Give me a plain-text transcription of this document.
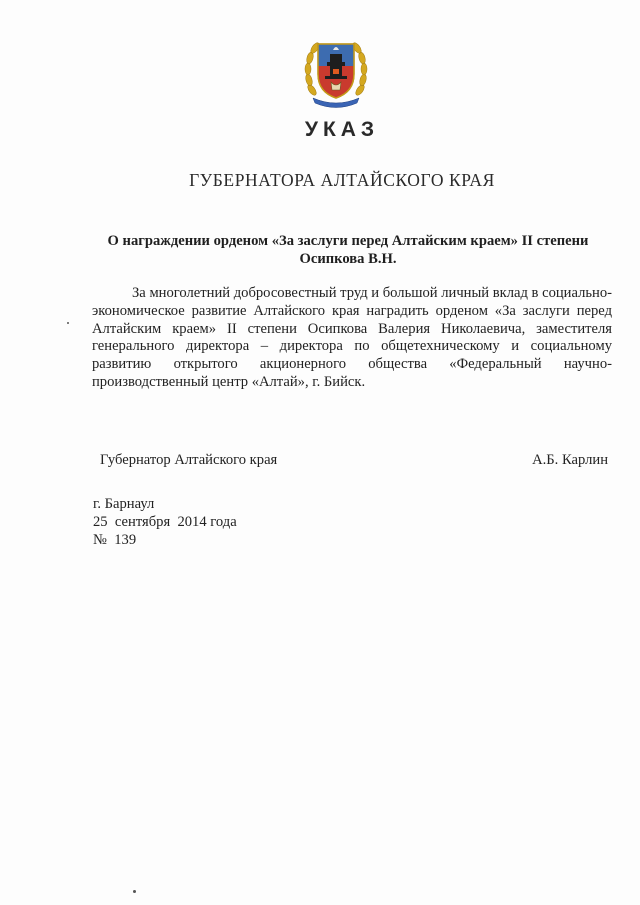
УКАЗ
ГУБЕРНАТОРА АЛТАЙСКОГО КРАЯ
О награждении орденом «За заслуги перед Алтайским краем» II степени
Осипкова В.Н.
За многолетний добросовестный труд и большой личный вклад в социально-экономическое развитие Алтайского края наградить орденом «За заслуги перед Алтайским краем» II степени Осипкова Валерия Николаевича, заместителя генерального директора – директора по общетехническому и социальному развитию открытого акционерного общества «Федеральный научно-производственный центр «Алтай», г. Бийск.
Губернатор Алтайского края	А.Б. Карлин
г. Барнаул
25  сентября  2014 года
№  139
